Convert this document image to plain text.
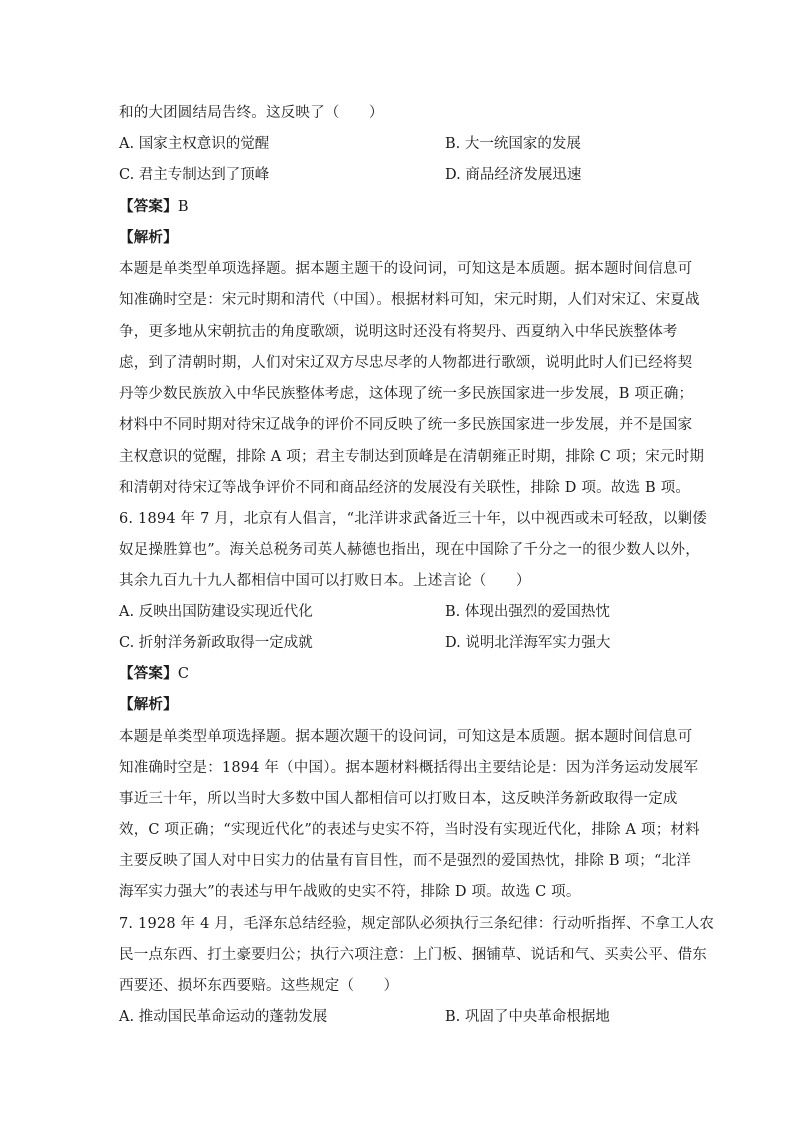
和的大团圆结局告终。这反映了（　　）
A. 国家主权意识的觉醒	B. 大一统国家的发展
C. 君主专制达到了顶峰	D. 商品经济发展迅速
【答案】B
【解析】
本题是单类型单项选择题。据本题主题干的设问词，可知这是本质题。据本题时间信息可
知准确时空是：宋元时期和清代（中国）。根据材料可知，宋元时期，人们对宋辽、宋夏战
争，更多地从宋朝抗击的角度歌颂，说明这时还没有将契丹、西夏纳入中华民族整体考
虑，到了清朝时期，人们对宋辽双方尽忠尽孝的人物都进行歌颂，说明此时人们已经将契
丹等少数民族放入中华民族整体考虑，这体现了统一多民族国家进一步发展，B 项正确；
材料中不同时期对待宋辽战争的评价不同反映了统一多民族国家进一步发展，并不是国家
主权意识的觉醒，排除 A 项；君主专制达到顶峰是在清朝雍正时期，排除 C 项；宋元时期
和清朝对待宋辽等战争评价不同和商品经济的发展没有关联性，排除 D 项。故选 B 项。
6. 1894 年 7 月，北京有人倡言，“北洋讲求武备近三十年，以中视西或未可轻敌，以剿倭
奴足操胜算也”。海关总税务司英人赫德也指出，现在中国除了千分之一的很少数人以外，
其余九百九十九人都相信中国可以打败日本。上述言论（　　）
A. 反映出国防建设实现近代化	B. 体现出强烈的爱国热忱
C. 折射洋务新政取得一定成就	D. 说明北洋海军实力强大
【答案】C
【解析】
本题是单类型单项选择题。据本题次题干的设问词，可知这是本质题。据本题时间信息可
知准确时空是：1894 年（中国）。据本题材料概括得出主要结论是：因为洋务运动发展军
事近三十年，所以当时大多数中国人都相信可以打败日本，这反映洋务新政取得一定成
效，C 项正确；“实现近代化”的表述与史实不符，当时没有实现近代化，排除 A 项；材料
主要反映了国人对中日实力的估量有盲目性，而不是强烈的爱国热忱，排除 B 项；“北洋
海军实力强大”的表述与甲午战败的史实不符，排除 D 项。故选 C 项。
7. 1928 年 4 月，毛泽东总结经验，规定部队必须执行三条纪律：行动听指挥、不拿工人农
民一点东西、打土豪要归公；执行六项注意：上门板、捆铺草、说话和气、买卖公平、借东
西要还、损坏东西要赔。这些规定（　　）
A. 推动国民革命运动的蓬勃发展	B. 巩固了中央革命根据地
